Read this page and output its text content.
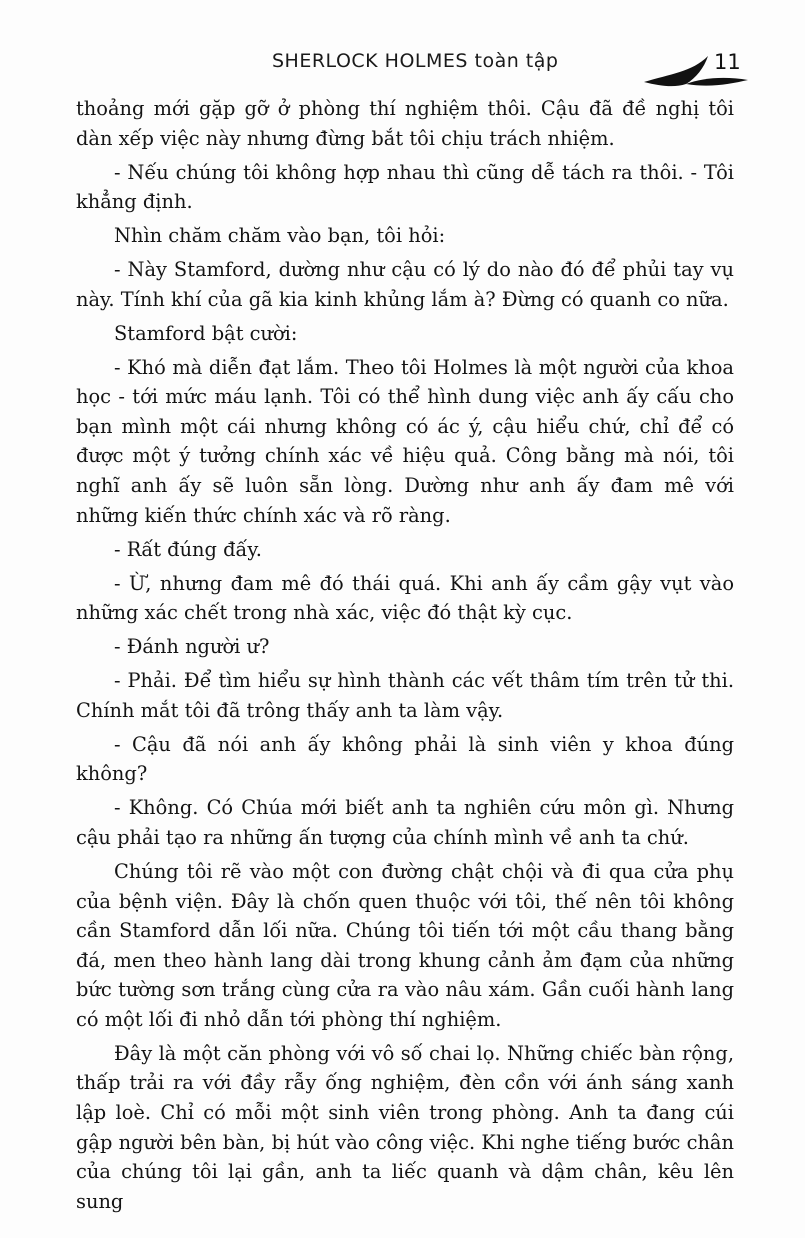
SHERLOCK HOLMES toàn tập	11

thoảng mới gặp gỡ ở phòng thí nghiệm thôi. Cậu đã đề nghị tôi dàn xếp việc này nhưng đừng bắt tôi chịu trách nhiệm.

- Nếu chúng tôi không hợp nhau thì cũng dễ tách ra thôi. - Tôi khẳng định.

Nhìn chăm chăm vào bạn, tôi hỏi:

- Này Stamford, dường như cậu có lý do nào đó để phủi tay vụ này. Tính khí của gã kia kinh khủng lắm à? Đừng có quanh co nữa.

Stamford bật cười:

- Khó mà diễn đạt lắm. Theo tôi Holmes là một người của khoa học - tới mức máu lạnh. Tôi có thể hình dung việc anh ấy cấu cho bạn mình một cái nhưng không có ác ý, cậu hiểu chứ, chỉ để có được một ý tưởng chính xác về hiệu quả. Công bằng mà nói, tôi nghĩ anh ấy sẽ luôn sẵn lòng. Dường như anh ấy đam mê với những kiến thức chính xác và rõ ràng.

- Rất đúng đấy.

- Ừ, nhưng đam mê đó thái quá. Khi anh ấy cầm gậy vụt vào những xác chết trong nhà xác, việc đó thật kỳ cục.

- Đánh người ư?

- Phải. Để tìm hiểu sự hình thành các vết thâm tím trên tử thi. Chính mắt tôi đã trông thấy anh ta làm vậy.

- Cậu đã nói anh ấy không phải là sinh viên y khoa đúng không?

- Không. Có Chúa mới biết anh ta nghiên cứu môn gì. Nhưng cậu phải tạo ra những ấn tượng của chính mình về anh ta chứ.

Chúng tôi rẽ vào một con đường chật chội và đi qua cửa phụ của bệnh viện. Đây là chốn quen thuộc với tôi, thế nên tôi không cần Stamford dẫn lối nữa. Chúng tôi tiến tới một cầu thang bằng đá, men theo hành lang dài trong khung cảnh ảm đạm của những bức tường sơn trắng cùng cửa ra vào nâu xám. Gần cuối hành lang có một lối đi nhỏ dẫn tới phòng thí nghiệm.

Đây là một căn phòng với vô số chai lọ. Những chiếc bàn rộng, thấp trải ra với đầy rẫy ống nghiệm, đèn cồn với ánh sáng xanh lập loè. Chỉ có mỗi một sinh viên trong phòng. Anh ta đang cúi gập người bên bàn, bị hút vào công việc. Khi nghe tiếng bước chân của chúng tôi lại gần, anh ta liếc quanh và dậm chân, kêu lên sung
